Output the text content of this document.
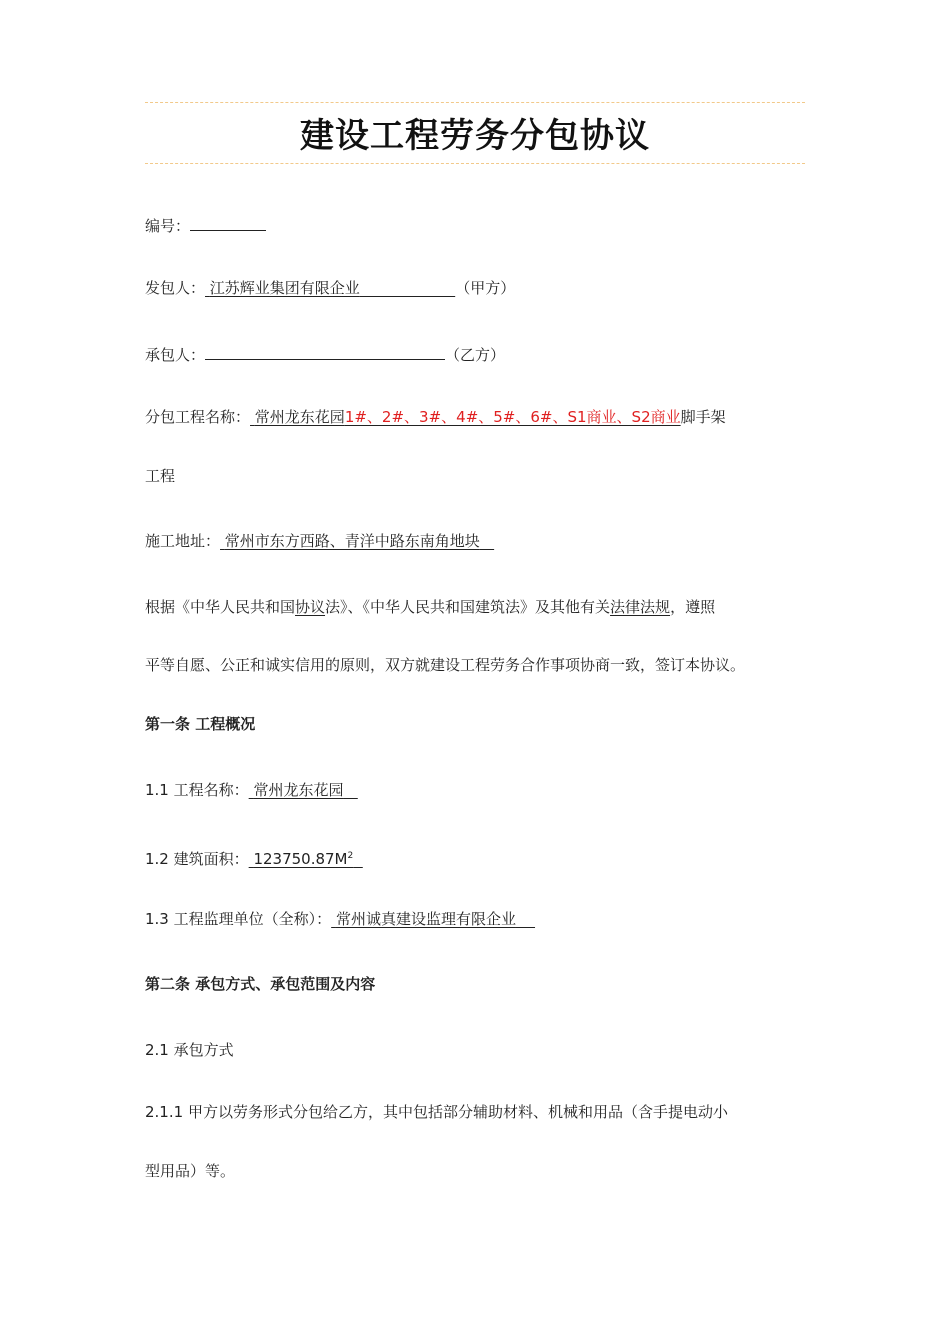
建设工程劳务分包协议
编号：
发包人： 江苏辉业集团有限企业	（甲方）
承包人：	（乙方）
分包工程名称： 常州龙东花园1#、2#、3#、4#、5#、6#、S1商业、S2商业脚手架
工程
施工地址： 常州市东方西路、青洋中路东南角地块
根据《中华人民共和国协议法》、《中华人民共和国建筑法》及其他有关法律法规，遵照
平等自愿、公正和诚实信用的原则，双方就建设工程劳务合作事项协商一致，签订本协议。
第一条 工程概况
1.1 工程名称： 常州龙东花园
1.2 建筑面积： $123750.87M^2$
1.3 工程监理单位（全称）： 常州诚真建设监理有限企业
第二条 承包方式、承包范围及内容
2.1 承包方式
2.1.1 甲方以劳务形式分包给乙方，其中包括部分辅助材料、机械和用品（含手提电动小
型用品）等。
